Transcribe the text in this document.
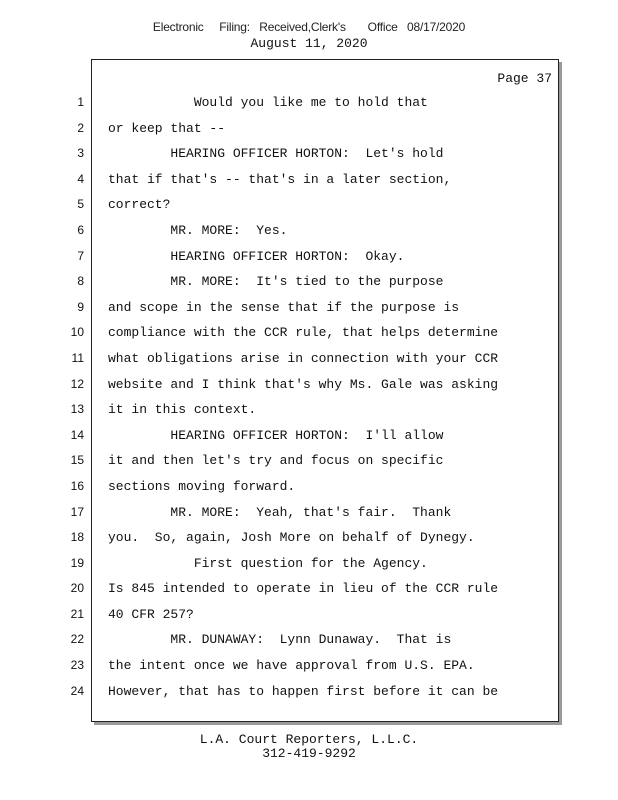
Electronic     Filing:   Received,Clerk's       Office   08/17/2020
August 11, 2020
Page 37
1 Would you like me to hold that
2 or keep that --
3 HEARING OFFICER HORTON:  Let's hold
4 that if that's -- that's in a later section,
5 correct?
6 MR. MORE:  Yes.
7 HEARING OFFICER HORTON:  Okay.
8 MR. MORE:  It's tied to the purpose
9 and scope in the sense that if the purpose is
10 compliance with the CCR rule, that helps determine
11 what obligations arise in connection with your CCR
12 website and I think that's why Ms. Gale was asking
13 it in this context.
14 HEARING OFFICER HORTON:  I'll allow
15 it and then let's try and focus on specific
16 sections moving forward.
17 MR. MORE:  Yeah, that's fair.  Thank
18 you.  So, again, Josh More on behalf of Dynegy.
19 First question for the Agency.
20 Is 845 intended to operate in lieu of the CCR rule
21 40 CFR 257?
22 MR. DUNAWAY:  Lynn Dunaway.  That is
23 the intent once we have approval from U.S. EPA.
24 However, that has to happen first before it can be
L.A. Court Reporters, L.L.C.
312-419-9292
